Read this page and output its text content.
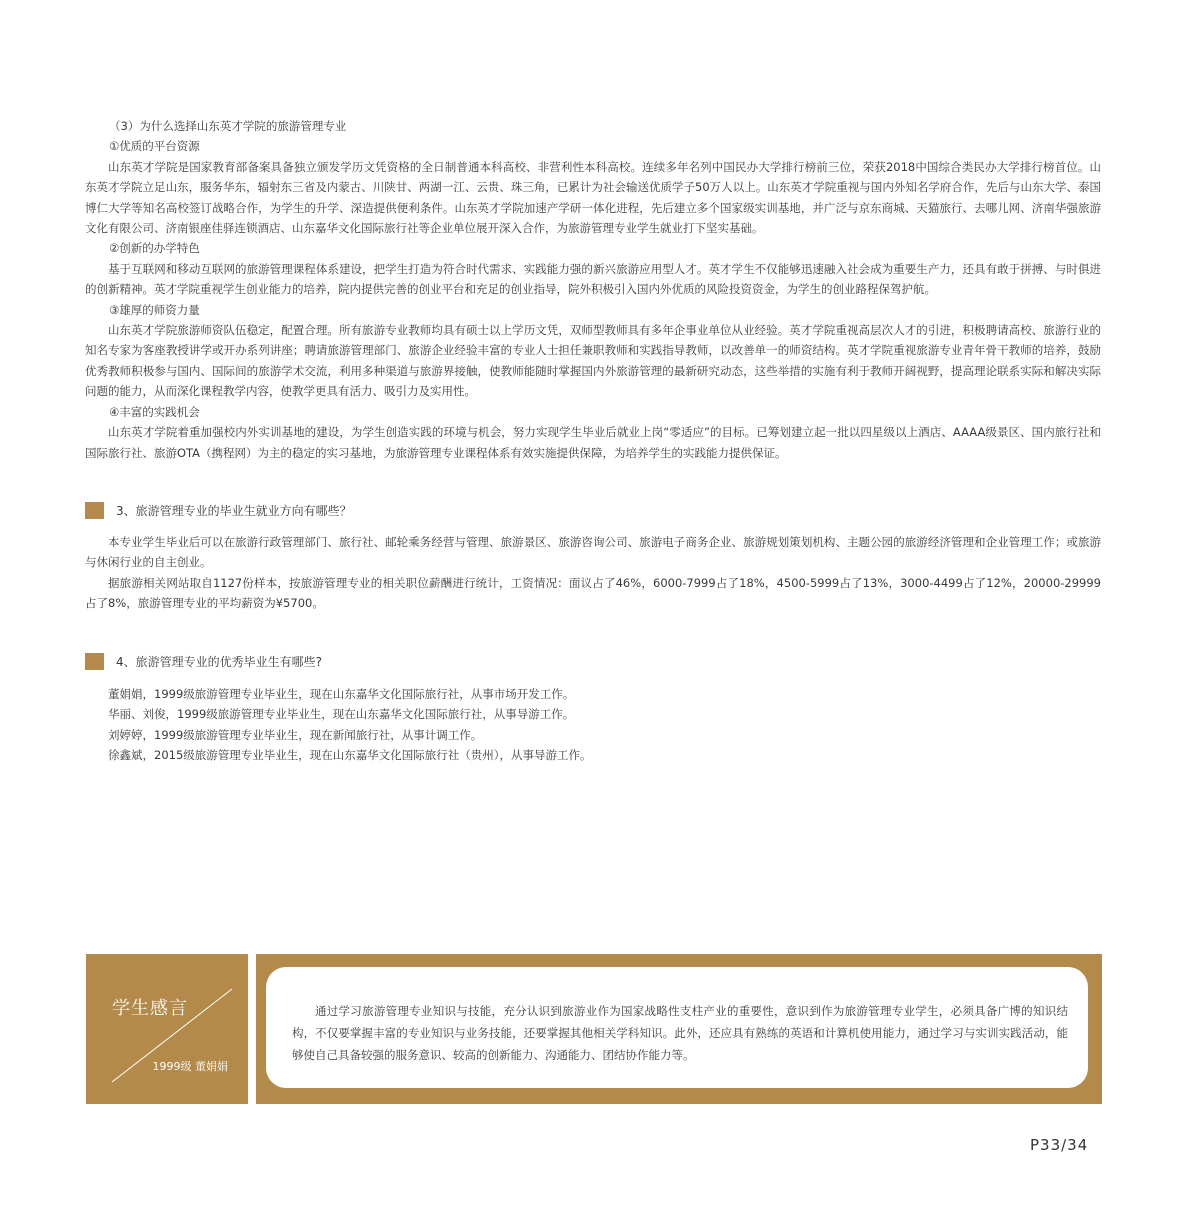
（3）为什么选择山东英才学院的旅游管理专业

①优质的平台资源

山东英才学院是国家教育部备案具备独立颁发学历文凭资格的全日制普通本科高校、非营利性本科高校。连续多年名列中国民办大学排行榜前三位，荣获2018中国综合类民办大学排行榜首位。山东英才学院立足山东，服务华东，辐射东三省及内蒙古、川陕甘、两湖一江、云贵、珠三角，已累计为社会输送优质学子50万人以上。山东英才学院重视与国内外知名学府合作，先后与山东大学、泰国博仁大学等知名高校签订战略合作，为学生的升学、深造提供便利条件。山东英才学院加速产学研一体化进程，先后建立多个国家级实训基地，并广泛与京东商城、天猫旅行、去哪儿网、济南华强旅游文化有限公司、济南银座佳驿连锁酒店、山东嘉华文化国际旅行社等企业单位展开深入合作，为旅游管理专业学生就业打下坚实基础。

②创新的办学特色

基于互联网和移动互联网的旅游管理课程体系建设，把学生打造为符合时代需求、实践能力强的新兴旅游应用型人才。英才学生不仅能够迅速融入社会成为重要生产力，还具有敢于拼搏、与时俱进的创新精神。英才学院重视学生创业能力的培养，院内提供完善的创业平台和充足的创业指导，院外积极引入国内外优质的风险投资资金，为学生的创业路程保驾护航。

③雄厚的师资力量

山东英才学院旅游师资队伍稳定，配置合理。所有旅游专业教师均具有硕士以上学历文凭，双师型教师具有多年企事业单位从业经验。英才学院重视高层次人才的引进，积极聘请高校、旅游行业的知名专家为客座教授讲学或开办系列讲座；聘请旅游管理部门、旅游企业经验丰富的专业人士担任兼职教师和实践指导教师，以改善单一的师资结构。英才学院重视旅游专业青年骨干教师的培养，鼓励优秀教师积极参与国内、国际间的旅游学术交流，利用多种渠道与旅游界接触，使教师能随时掌握国内外旅游管理的最新研究动态，这些举措的实施有利于教师开阔视野，提高理论联系实际和解决实际问题的能力，从而深化课程教学内容，使教学更具有活力、吸引力及实用性。

④丰富的实践机会

山东英才学院着重加强校内外实训基地的建设，为学生创造实践的环境与机会，努力实现学生毕业后就业上岗“零适应”的目标。已筹划建立起一批以四星级以上酒店、AAAA级景区、国内旅行社和国际旅行社、旅游OTA（携程网）为主的稳定的实习基地，为旅游管理专业课程体系有效实施提供保障，为培养学生的实践能力提供保证。

3、旅游管理专业的毕业生就业方向有哪些？

本专业学生毕业后可以在旅游行政管理部门、旅行社、邮轮乘务经营与管理、旅游景区、旅游咨询公司、旅游电子商务企业、旅游规划策划机构、主题公园的旅游经济管理和企业管理工作；或旅游与休闲行业的自主创业。

据旅游相关网站取自1127份样本，按旅游管理专业的相关职位薪酬进行统计，工资情况：面议占了46%，6000-7999占了18%，4500-5999占了13%，3000-4499占了12%，20000-29999占了8%，旅游管理专业的平均薪资为¥5700。

4、旅游管理专业的优秀毕业生有哪些?

董娟娟，1999级旅游管理专业毕业生，现在山东嘉华文化国际旅行社，从事市场开发工作。

华丽、刘俊，1999级旅游管理专业毕业生，现在山东嘉华文化国际旅行社，从事导游工作。

刘婷婷，1999级旅游管理专业毕业生，现在新闻旅行社，从事计调工作。

徐鑫斌，2015级旅游管理专业毕业生，现在山东嘉华文化国际旅行社（贵州），从事导游工作。

学生感言
1999级 董娟娟
通过学习旅游管理专业知识与技能，充分认识到旅游业作为国家战略性支柱产业的重要性，意识到作为旅游管理专业学生，必须具备广博的知识结构，不仅要掌握丰富的专业知识与业务技能，还要掌握其他相关学科知识。此外，还应具有熟练的英语和计算机使用能力，通过学习与实训实践活动，能够使自己具备较强的服务意识、较高的创新能力、沟通能力、团结协作能力等。
P33/34
